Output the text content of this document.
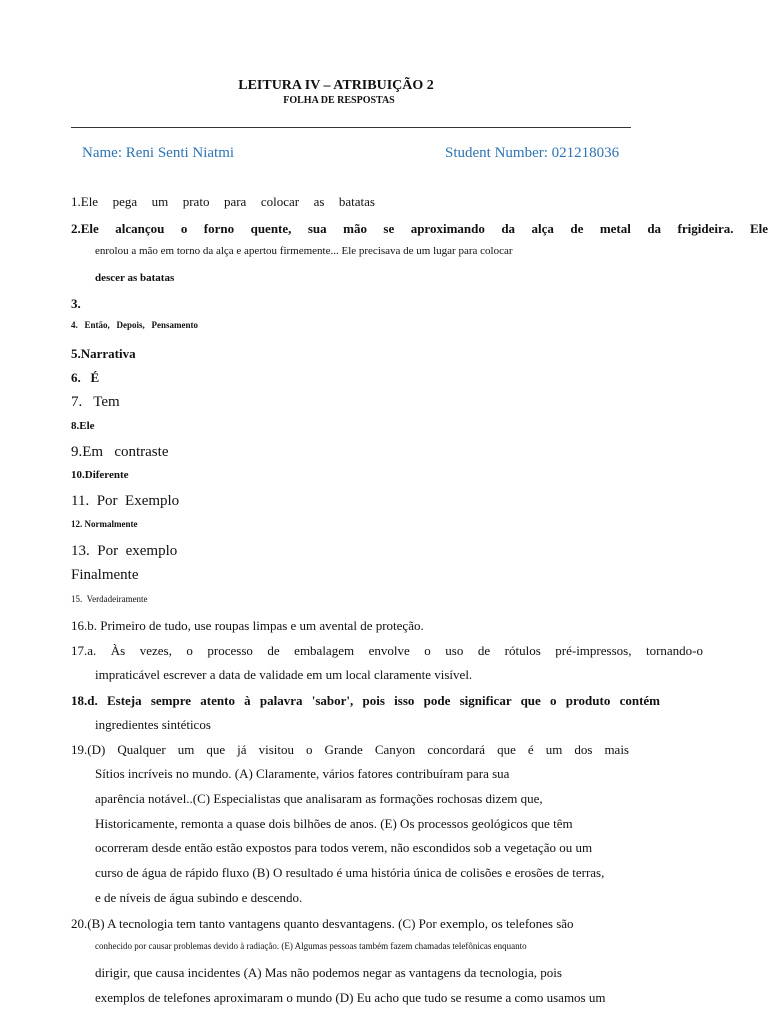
LEITURA IV – ATRIBUIÇÃO 2
FOLHA DE RESPOSTAS
Name: Reni Senti Niatmi	Student Number: 021218036
1.Ele pega um prato para colocar as batatas
2.Ele alcançou o forno quente, sua mão se aproximando da alça de metal da frigideira. Ele
enrolou a mão em torno da alça e apertou firmemente... Ele precisava de um lugar para colocar
descer as batatas
3.
4.   Então,   Depois,   Pensamento
5.Narrativa
6.   É
7.   Tem
8.Ele
9.Em   contraste
10.Diferente
11.  Por  Exemplo
12. Normalmente
13.  Por  exemplo
Finalmente
15.  Verdadeiramente
16.b. Primeiro de tudo, use roupas limpas e um avental de proteção.
17.a. Às vezes, o processo de embalagem envolve o uso de rótulos pré-impressos, tornando-o
impraticável escrever a data de validade em um local claramente visível.
18.d. Esteja sempre atento à palavra 'sabor', pois isso pode significar que o produto contém
ingredientes sintéticos
19.(D) Qualquer um que já visitou o Grande Canyon concordará que é um dos mais
Sítios incríveis no mundo. (A) Claramente, vários fatores contribuíram para sua
aparência notável..(C) Especialistas que analisaram as formações rochosas dizem que,
Historicamente, remonta a quase dois bilhões de anos. (E) Os processos geológicos que têm
ocorreram desde então estão expostos para todos verem, não escondidos sob a vegetação ou um
curso de água de rápido fluxo (B) O resultado é uma história única de colisões e erosões de terras,
e de níveis de água subindo e descendo.
20.(B) A tecnologia tem tanto vantagens quanto desvantagens. (C) Por exemplo, os telefones são
conhecido por causar problemas devido à radiação. (E) Algumas pessoas também fazem chamadas telefônicas enquanto
dirigir, que causa incidentes (A) Mas não podemos negar as vantagens da tecnologia, pois
exemplos de telefones aproximaram o mundo (D) Eu acho que tudo se resume a como usamos um
